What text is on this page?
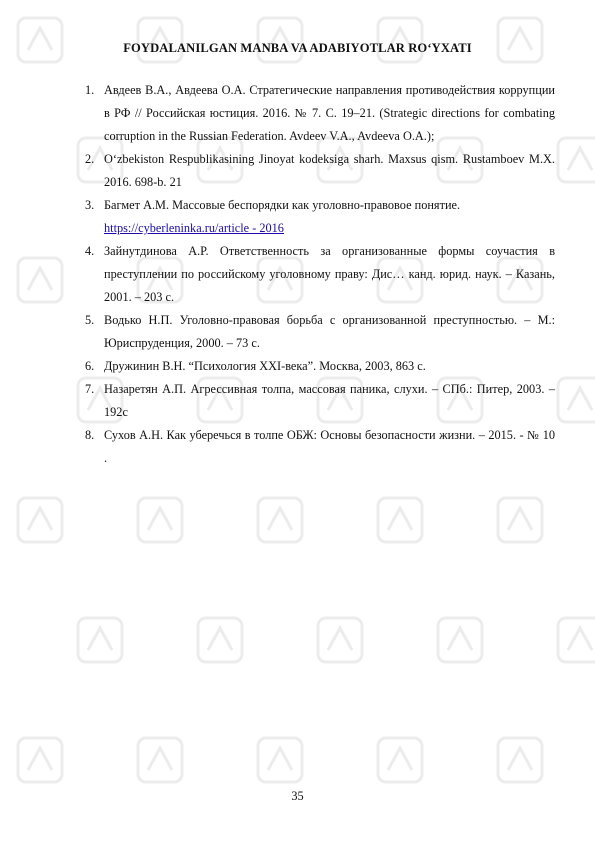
FOYDALANILGAN MANBA VA ADABIYOTLAR RO‘YXATI
1. Авдеев В.А., Авдеева О.А. Стратегические направления противодействия коррупции в РФ // Российская юстиция. 2016. № 7. С. 19–21. (Strategic directions for combating corruption in the Russian Federation. Avdeev V.A., Avdeeva O.A.);
2. O‘zbekiston Respublikasining Jinoyat kodeksiga sharh. Maxsus qism. Rustamboev M.X. 2016. 698-b. 21
3. Багмет А.М. Массовые беспорядки как уголовно-правовое понятие.
https://cyberleninka.ru/article - 2016
4. Зайнутдинова А.Р. Ответственность за организованные формы соучастия в преступлении по российскому уголовному праву: Дис… канд. юрид. наук. – Казань, 2001. – 203 с.
5. Водько Н.П. Уголовно-правовая борьба с организованной преступностью. – М.: Юриспруденция, 2000. – 73 с.
6. Дружинин В.Н. “Психология XXI-века”. Москва, 2003, 863 с.
7. Назаретян А.П. Агрессивная толпа, массовая паника, слухи. – СПб.: Питер, 2003. – 192с
8. Сухов А.Н. Как уберечься в толпе ОБЖ: Основы безопасности жизни. – 2015. - № 10 .
35
